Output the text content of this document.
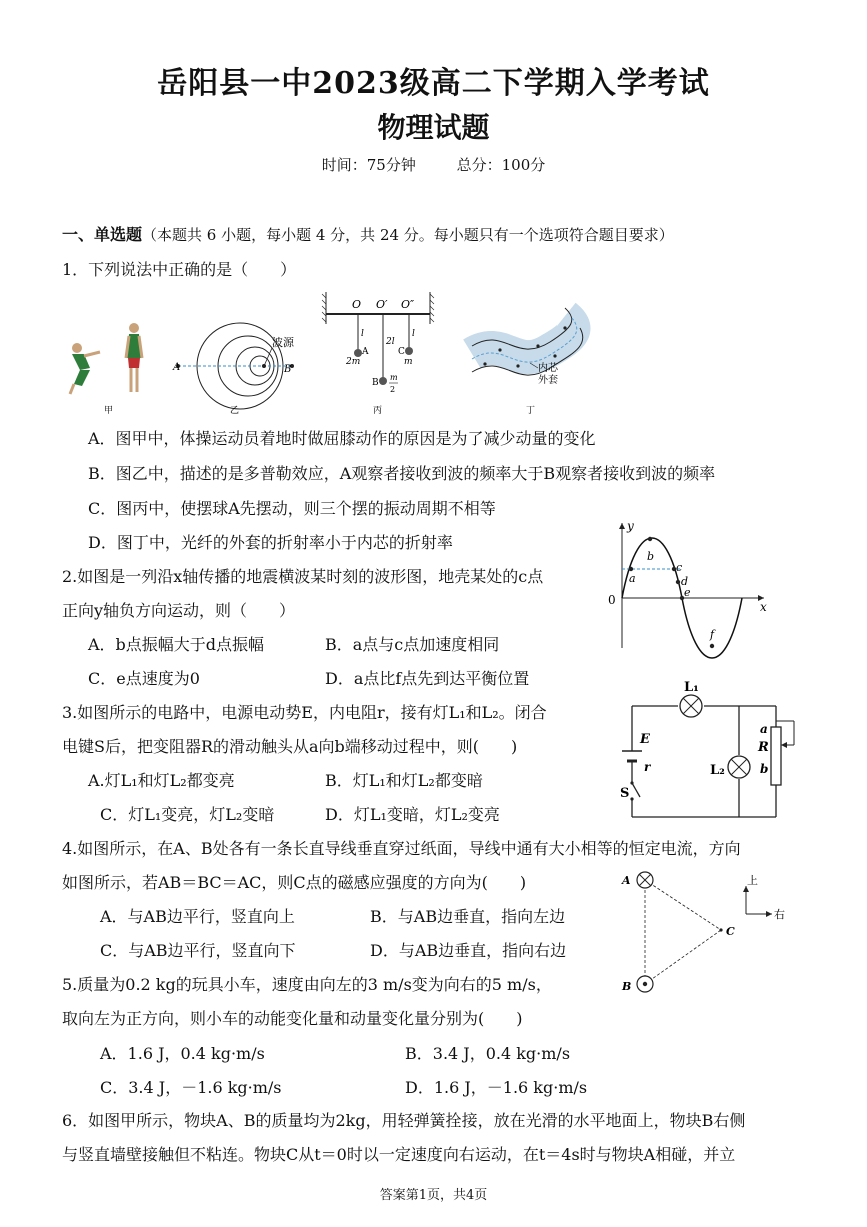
岳阳县一中2023级高二下学期入学考试
物理试题
时间：75分钟	总分：100分
一、单选题（本题共 6 小题，每小题 4 分，共 24 分。每小题只有一个选项符合题目要求）
1．下列说法中正确的是（　　）
甲
波源
A	B
乙
O O′ O″
l
2l
l
A
2m
C
m
B
m
2
丙
内芯
外套
丁
A．图甲中，体操运动员着地时做屈膝动作的原因是为了减少动量的变化
B．图乙中，描述的是多普勒效应，A观察者接收到波的频率大于B观察者接收到波的频率
C．图丙中，使摆球A先摆动，则三个摆的振动周期不相等
D．图丁中，光纤的外套的折射率小于内芯的折射率
2.如图是一列沿x轴传播的地震横波某时刻的波形图，地壳某处的c点
正向y轴负方向运动，则（　　）
A．b点振幅大于d点振幅	B．a点与c点加速度相同
C．e点速度为0	D．a点比f点先到达平衡位置
y
x
0
a
b
c
d
e
f
3.如图所示的电路中，电源电动势E，内电阻r，接有灯L₁和L₂。闭合
电键S后，把变阻器R的滑动触头从a向b端移动过程中，则(　　)
A.灯L₁和灯L₂都变亮	B．灯L₁和灯L₂都变暗
C．灯L₁变亮，灯L₂变暗	D．灯L₁变暗，灯L₂变亮
L₁
L₂
E
r
S
R
a
b
4.如图所示，在A、B处各有一条长直导线垂直穿过纸面，导线中通有大小相等的恒定电流，方向
如图所示，若AB＝BC＝AC，则C点的磁感应强度的方向为(　　)
A．与AB边平行，竖直向上	B．与AB边垂直，指向左边
C．与AB边平行，竖直向下	D．与AB边垂直，指向右边
A
B
C
上
右
5.质量为0.2 kg的玩具小车，速度由向左的3 m/s变为向右的5 m/s，
取向左为正方向，则小车的动能变化量和动量变化量分别为(　　)
A．1.6 J，0.4 kg·m/s	B．3.4 J，0.4 kg·m/s
C．3.4 J，－1.6 kg·m/s	D．1.6 J，－1.6 kg·m/s
6．如图甲所示，物块A、B的质量均为2kg，用轻弹簧拴接，放在光滑的水平地面上，物块B右侧
与竖直墙壁接触但不粘连。物块C从t＝0时以一定速度向右运动，在t＝4s时与物块A相碰，并立
答案第1页，共4页
